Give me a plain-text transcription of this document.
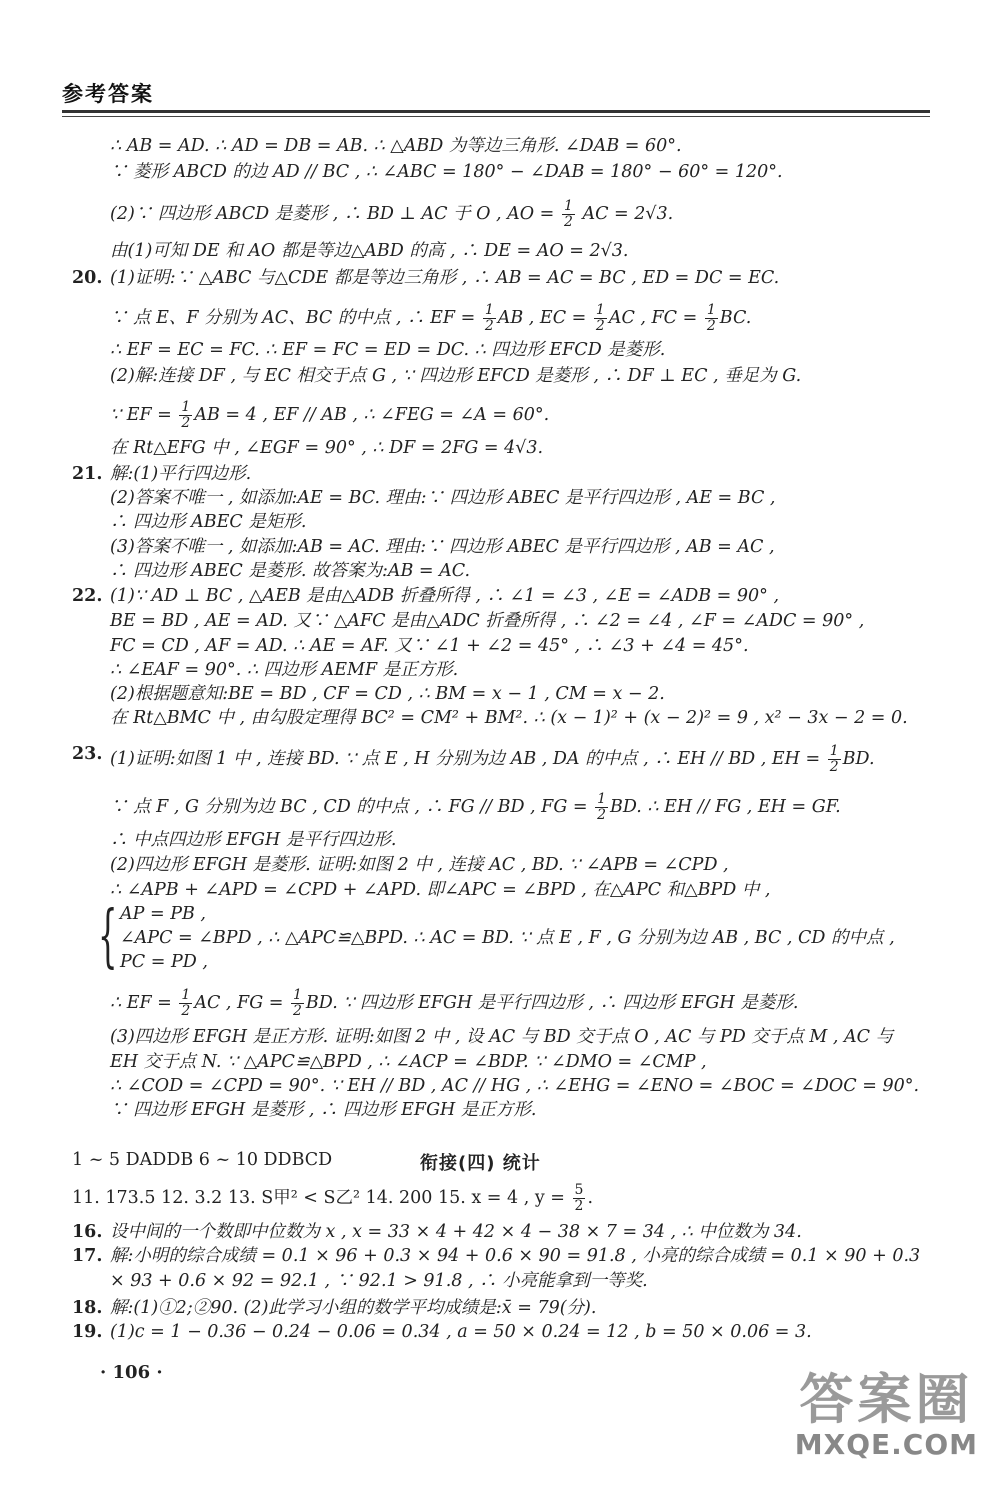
参考答案
∴ AB = AD. ∴ AD = DB = AB. ∴ △ABD 为等边三角形. ∠DAB = 60°.
∵ 菱形 ABCD 的边 AD // BC , ∴ ∠ABC = 180° − ∠DAB = 180° − 60° = 120°.
(2)∵ 四边形 ABCD 是菱形 , ∴ BD ⊥ AC 于 O , AO = $\frac{1}{2}$ AC = 2√3.
由(1)可知 DE 和 AO 都是等边△ABD 的高 , ∴ DE = AO = 2√3.
20. (1)证明:∵ △ABC 与△CDE 都是等边三角形 , ∴ AB = AC = BC , ED = DC = EC.
∵ 点 E、F 分别为 AC、BC 的中点 , ∴ EF = $\frac{1}{2}$ AB , EC = $\frac{1}{2}$ AC , FC = $\frac{1}{2}$ BC.
∴ EF = EC = FC. ∴ EF = FC = ED = DC. ∴ 四边形 EFCD 是菱形.
(2)解:连接 DF , 与 EC 相交于点 G , ∵ 四边形 EFCD 是菱形 , ∴ DF ⊥ EC , 垂足为 G.
∵ EF = $\frac{1}{2}$ AB = 4 , EF // AB , ∴ ∠FEG = ∠A = 60°.
在 Rt△EFG 中 , ∠EGF = 90° , ∴ DF = 2FG = 4√3.
21. 解:(1)平行四边形.
(2)答案不唯一 , 如添加:AE = BC. 理由:∵ 四边形 ABEC 是平行四边形 , AE = BC ,
∴ 四边形 ABEC 是矩形.
(3)答案不唯一 , 如添加:AB = AC. 理由:∵ 四边形 ABEC 是平行四边形 , AB = AC ,
∴ 四边形 ABEC 是菱形. 故答案为:AB = AC.
22. (1)∵ AD ⊥ BC , △AEB 是由△ADB 折叠所得 , ∴ ∠1 = ∠3 , ∠E = ∠ADB = 90° ,
BE = BD , AE = AD. 又∵ △AFC 是由△ADC 折叠所得 , ∴ ∠2 = ∠4 , ∠F = ∠ADC = 90° ,
FC = CD , AF = AD. ∴ AE = AF. 又∵ ∠1 + ∠2 = 45° , ∴ ∠3 + ∠4 = 45°.
∴ ∠EAF = 90°. ∴ 四边形 AEMF 是正方形.
(2)根据题意知:BE = BD , CF = CD , ∴ BM = x − 1 , CM = x − 2.
在 Rt△BMC 中 , 由勾股定理得 BC² = CM² + BM². ∴ (x − 1)² + (x − 2)² = 9 , x² − 3x − 2 = 0.
23. (1)证明:如图 1 中 , 连接 BD. ∵ 点 E , H 分别为边 AB , DA 的中点 , ∴ EH // BD , EH = $\frac{1}{2}$ BD.
∵ 点 F , G 分别为边 BC , CD 的中点 , ∴ FG // BD , FG = $\frac{1}{2}$ BD. ∴ EH // FG , EH = GF.
∴ 中点四边形 EFGH 是平行四边形.
(2)四边形 EFGH 是菱形. 证明:如图 2 中 , 连接 AC , BD. ∵ ∠APB = ∠CPD ,
∴ ∠APB + ∠APD = ∠CPD + ∠APD. 即∠APC = ∠BPD , 在△APC 和△BPD 中 ,
{ AP = PB ,
∠APC = ∠BPD , ∴ △APC≌△BPD. ∴ AC = BD. ∵ 点 E , F , G 分别为边 AB , BC , CD 的中点 ,
PC = PD ,
∴ EF = $\frac{1}{2}$ AC , FG = $\frac{1}{2}$ BD. ∵ 四边形 EFGH 是平行四边形 , ∴ 四边形 EFGH 是菱形.
(3)四边形 EFGH 是正方形. 证明:如图 2 中 , 设 AC 与 BD 交于点 O , AC 与 PD 交于点 M , AC 与
EH 交于点 N. ∵ △APC≌△BPD , ∴ ∠ACP = ∠BDP. ∵ ∠DMO = ∠CMP ,
∴ ∠COD = ∠CPD = 90°. ∵ EH // BD , AC // HG , ∴ ∠EHG = ∠ENO = ∠BOC = ∠DOC = 90°.
∵ 四边形 EFGH 是菱形 , ∴ 四边形 EFGH 是正方形.
衔接(四) 统计
1 ~ 5 DADDB 6 ~ 10 DDBCD
11. 173.5 12. 3.2 13. S甲² < S乙² 14. 200 15. x = 4 , $y = \frac{5}{2}$ .
16. 设中间的一个数即中位数为 x , x = 33 × 4 + 42 × 4 − 38 × 7 = 34 , ∴ 中位数为 34.
17. 解:小明的综合成绩 = 0.1 × 96 + 0.3 × 94 + 0.6 × 90 = 91.8 , 小亮的综合成绩 = 0.1 × 90 + 0.3
× 93 + 0.6 × 92 = 92.1 , ∵ 92.1 > 91.8 , ∴ 小亮能拿到一等奖.
18. 解:(1)①2;②90. (2)此学习小组的数学平均成绩是:x̄ = 79(分).
19. (1)c = 1 − 0.36 − 0.24 − 0.06 = 0.34 , a = 50 × 0.24 = 12 , b = 50 × 0.06 = 3.
· 106 ·	答案圈
MXQE.COM
